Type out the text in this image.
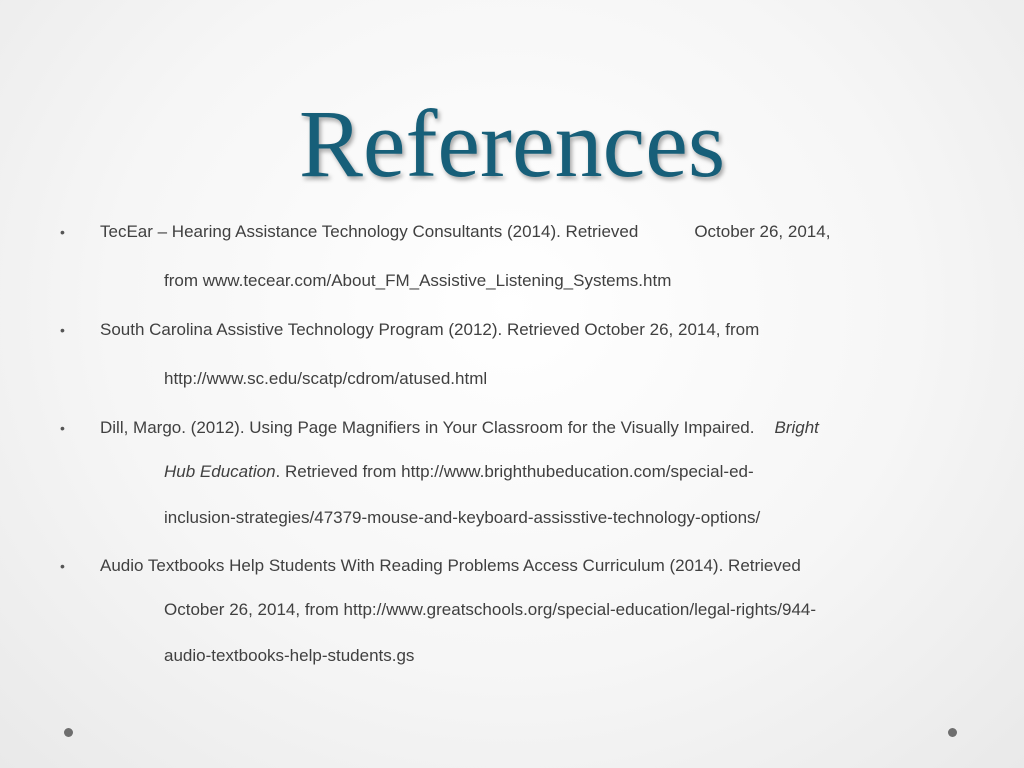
References
• TecEar – Hearing Assistance Technology Consultants (2014). Retrieved	October 26, 2014,
from www.tecear.com/About_FM_Assistive_Listening_Systems.htm
• South Carolina Assistive Technology Program (2012). Retrieved October 26, 2014, from
http://www.sc.edu/scatp/cdrom/atused.html
• Dill, Margo. (2012). Using Page Magnifiers in Your Classroom for the Visually Impaired. Bright
Hub Education. Retrieved from http://www.brighthubeducation.com/special-ed-
inclusion-strategies/47379-mouse-and-keyboard-assisstive-technology-options/
• Audio Textbooks Help Students With Reading Problems Access Curriculum (2014). Retrieved
October 26, 2014, from http://www.greatschools.org/special-education/legal-rights/944-
audio-textbooks-help-students.gs
